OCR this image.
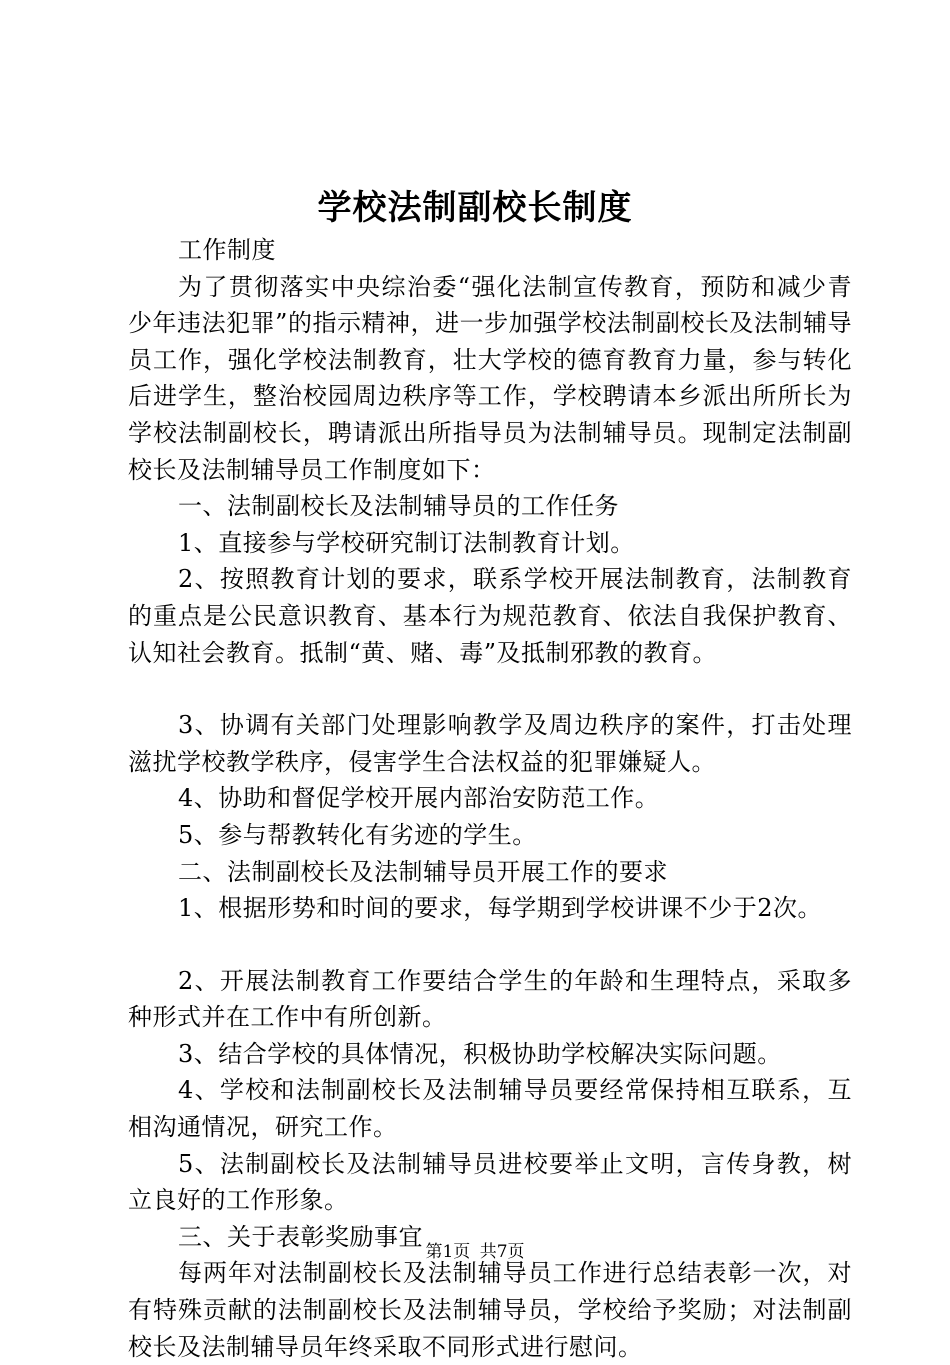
学校法制副校长制度

工作制度

为了贯彻落实中央综治委“强化法制宣传教育，预防和减少青少年违法犯罪”的指示精神，进一步加强学校法制副校长及法制辅导员工作，强化学校法制教育，壮大学校的德育教育力量，参与转化后进学生，整治校园周边秩序等工作，学校聘请本乡派出所所长为学校法制副校长，聘请派出所指导员为法制辅导员。现制定法制副校长及法制辅导员工作制度如下：

一、法制副校长及法制辅导员的工作任务

1、直接参与学校研究制订法制教育计划。

2、按照教育计划的要求，联系学校开展法制教育，法制教育的重点是公民意识教育、基本行为规范教育、依法自我保护教育、认知社会教育。抵制“黄、赌、毒”及抵制邪教的教育。

3、协调有关部门处理影响教学及周边秩序的案件，打击处理滋扰学校教学秩序，侵害学生合法权益的犯罪嫌疑人。

4、协助和督促学校开展内部治安防范工作。

5、参与帮教转化有劣迹的学生。

二、法制副校长及法制辅导员开展工作的要求

1、根据形势和时间的要求，每学期到学校讲课不少于2次。

2、开展法制教育工作要结合学生的年龄和生理特点，采取多种形式并在工作中有所创新。

3、结合学校的具体情况，积极协助学校解决实际问题。

4、学校和法制副校长及法制辅导员要经常保持相互联系，互相沟通情况，研究工作。

5、法制副校长及法制辅导员进校要举止文明，言传身教，树立良好的工作形象。

三、关于表彰奖励事宜

每两年对法制副校长及法制辅导员工作进行总结表彰一次，对有特殊贡献的法制副校长及法制辅导员，学校给予奖励；对法制副校长及法制辅导员年终采取不同形式进行慰问。

第1页 共7页
